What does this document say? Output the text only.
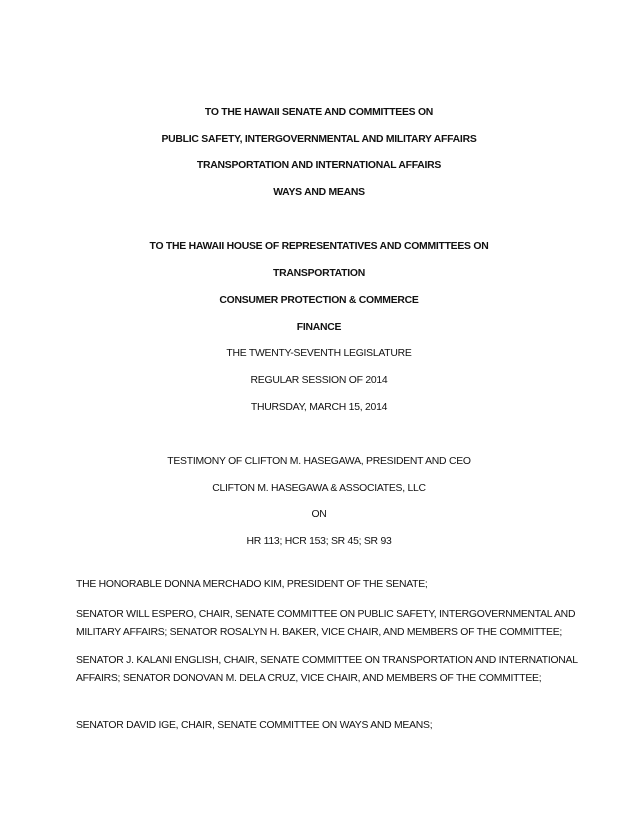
TO THE HAWAII SENATE AND COMMITTEES ON
PUBLIC SAFETY, INTERGOVERNMENTAL AND MILITARY AFFAIRS
TRANSPORTATION AND INTERNATIONAL AFFAIRS
WAYS AND MEANS
TO THE HAWAII HOUSE OF REPRESENTATIVES AND COMMITTEES ON
TRANSPORTATION
CONSUMER PROTECTION & COMMERCE
FINANCE
THE TWENTY-SEVENTH LEGISLATURE
REGULAR SESSION OF 2014
THURSDAY, MARCH 15, 2014
TESTIMONY OF CLIFTON M. HASEGAWA, PRESIDENT AND CEO
CLIFTON M. HASEGAWA & ASSOCIATES, LLC
ON
HR 113; HCR 153; SR 45; SR 93
THE HONORABLE DONNA MERCHADO KIM, PRESIDENT OF THE SENATE;
SENATOR WILL ESPERO, CHAIR, SENATE COMMITTEE ON PUBLIC SAFETY, INTERGOVERNMENTAL AND
MILITARY AFFAIRS; SENATOR ROSALYN H. BAKER, VICE CHAIR, AND MEMBERS OF THE COMMITTEE;
SENATOR J. KALANI ENGLISH, CHAIR, SENATE COMMITTEE ON TRANSPORTATION AND INTERNATIONAL
AFFAIRS; SENATOR DONOVAN M. DELA CRUZ, VICE CHAIR, AND MEMBERS OF THE COMMITTEE;
SENATOR DAVID IGE, CHAIR, SENATE COMMITTEE ON WAYS AND MEANS;
